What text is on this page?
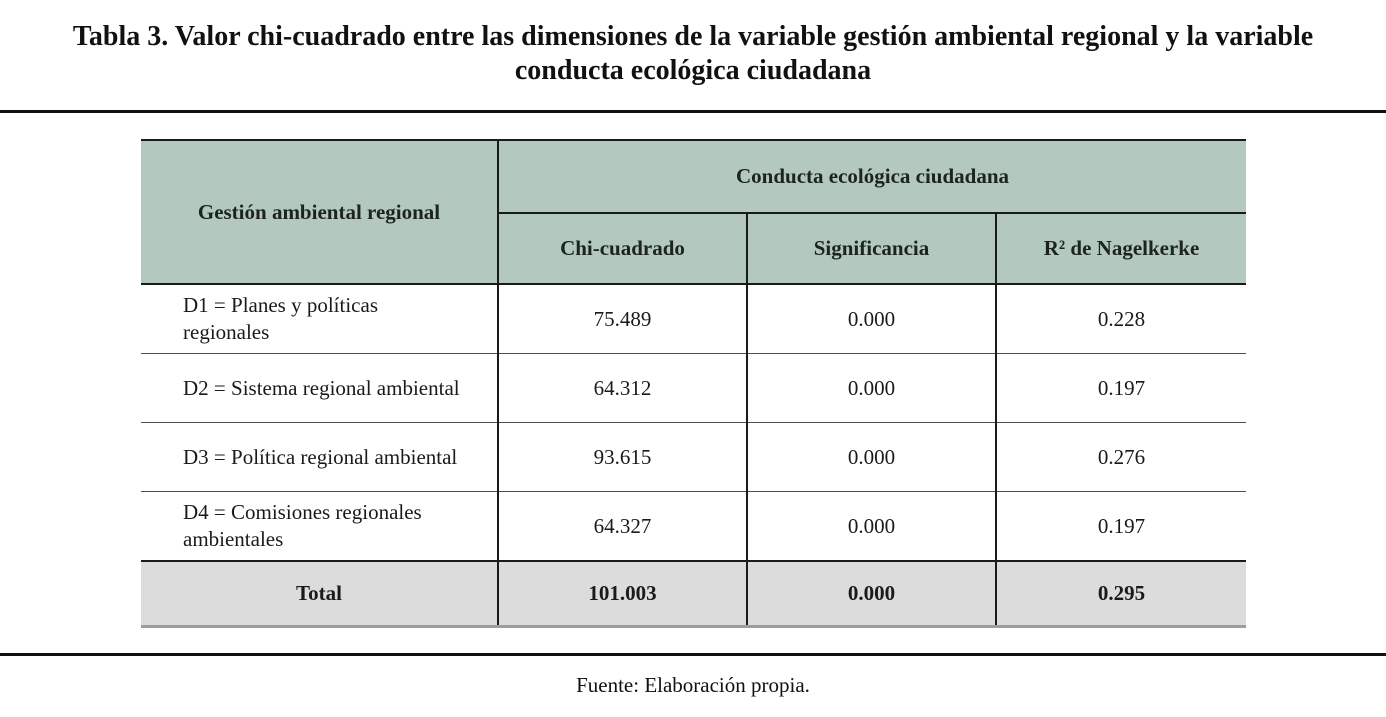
Tabla 3. Valor chi-cuadrado entre las dimensiones de la variable gestión ambiental regional y la variable conducta ecológica ciudadana
Gestión ambiental regional	Conducta ecológica ciudadana		
	Chi-cuadrado	Significancia	R² de Nagelkerke
D1 = Planes y políticas regionales	75.489	0.000	0.228
D2 = Sistema regional ambiental	64.312	0.000	0.197
D3 = Política regional ambiental	93.615	0.000	0.276
D4 = Comisiones regionales ambientales	64.327	0.000	0.197
Total	101.003	0.000	0.295

Fuente: Elaboración propia.
